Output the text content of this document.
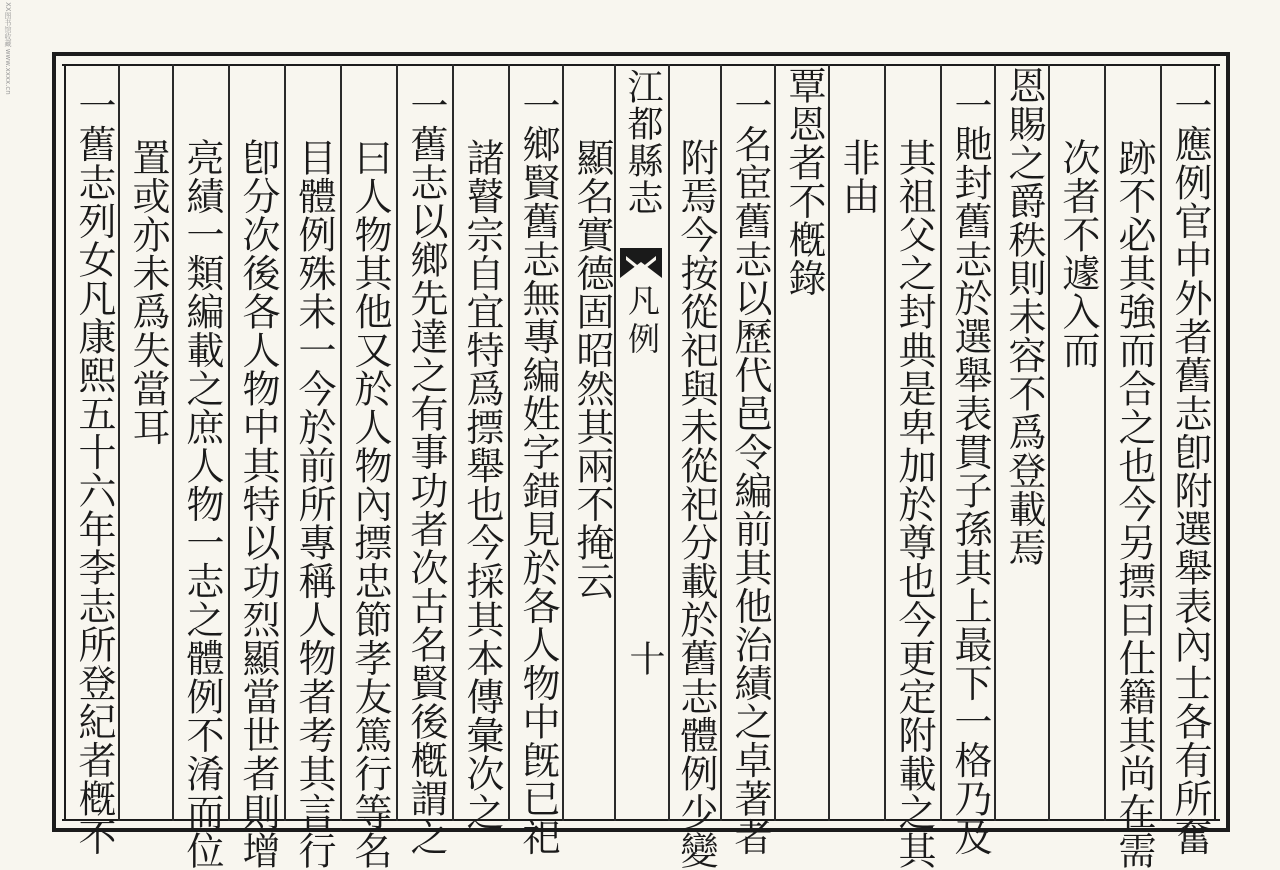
XX图书馆收藏 www.xxxx.cn
江都縣志
凡例
十	一應例官中外者舊志卽附選舉表內士各有所奮
跡不必其強而合之也今另摽曰仕籍其尚在需
次者不遽入而
恩賜之爵秩則未容不爲登載焉
一貤封舊志於選舉表貫子孫其上最下一格乃及
其祖父之封典是卑加於尊也今更定附載之其
非由
覃恩者不槪錄
一名宦舊志以歷代邑令編前其他治績之卓著者
附焉今按從祀與未從祀分載於舊志體例少變
顯名實德固昭然其兩不掩云
一鄉賢舊志無專編姓字錯見於各人物中旣已祀
諸瞽宗自宜特爲摽舉也今採其本傳彙次之
一舊志以鄉先達之有事功者次古名賢後槪謂之
曰人物其他又於人物內摽忠節孝友篤行等名
目體例殊未一今於前所專稱人物者考其言行
卽分次後各人物中其特以功烈顯當世者則增
亮績一類編載之庶人物一志之體例不淆而位
置或亦未爲失當耳
一舊志列女凡康熙五十六年李志所登紀者槪不
